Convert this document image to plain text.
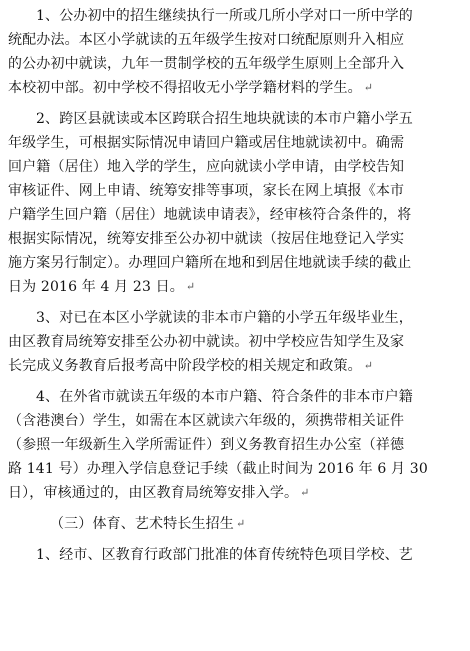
1、公办初中的招生继续执行一所或几所小学对口一所中学的
统配办法。本区小学就读的五年级学生按对口统配原则升入相应
的公办初中就读，九年一贯制学校的五年级学生原则上全部升入
本校初中部。初中学校不得招收无小学学籍材料的学生。 ↵
2、跨区县就读或本区跨联合招生地块就读的本市户籍小学五
年级学生，可根据实际情况申请回户籍或居住地就读初中。确需
回户籍（居住）地入学的学生，应向就读小学申请，由学校告知
审核证件、网上申请、统筹安排等事项，家长在网上填报《本市
户籍学生回户籍（居住）地就读申请表》，经审核符合条件的，将
根据实际情况，统筹安排至公办初中就读（按居住地登记入学实
施方案另行制定）。办理回户籍所在地和到居住地就读手续的截止
日为 2016 年 4 月 23 日。 ↵
3、对已在本区小学就读的非本市户籍的小学五年级毕业生，
由区教育局统筹安排至公办初中就读。初中学校应告知学生及家
长完成义务教育后报考高中阶段学校的相关规定和政策。 ↵
4、在外省市就读五年级的本市户籍、符合条件的非本市户籍
（含港澳台）学生，如需在本区就读六年级的，须携带相关证件
（参照一年级新生入学所需证件）到义务教育招生办公室（祥德
路 141 号）办理入学信息登记手续（截止时间为 2016 年 6 月 30
日），审核通过的，由区教育局统筹安排入学。 ↵
（三）体育、艺术特长生招生 ↵
1、经市、区教育行政部门批准的体育传统特色项目学校、艺
